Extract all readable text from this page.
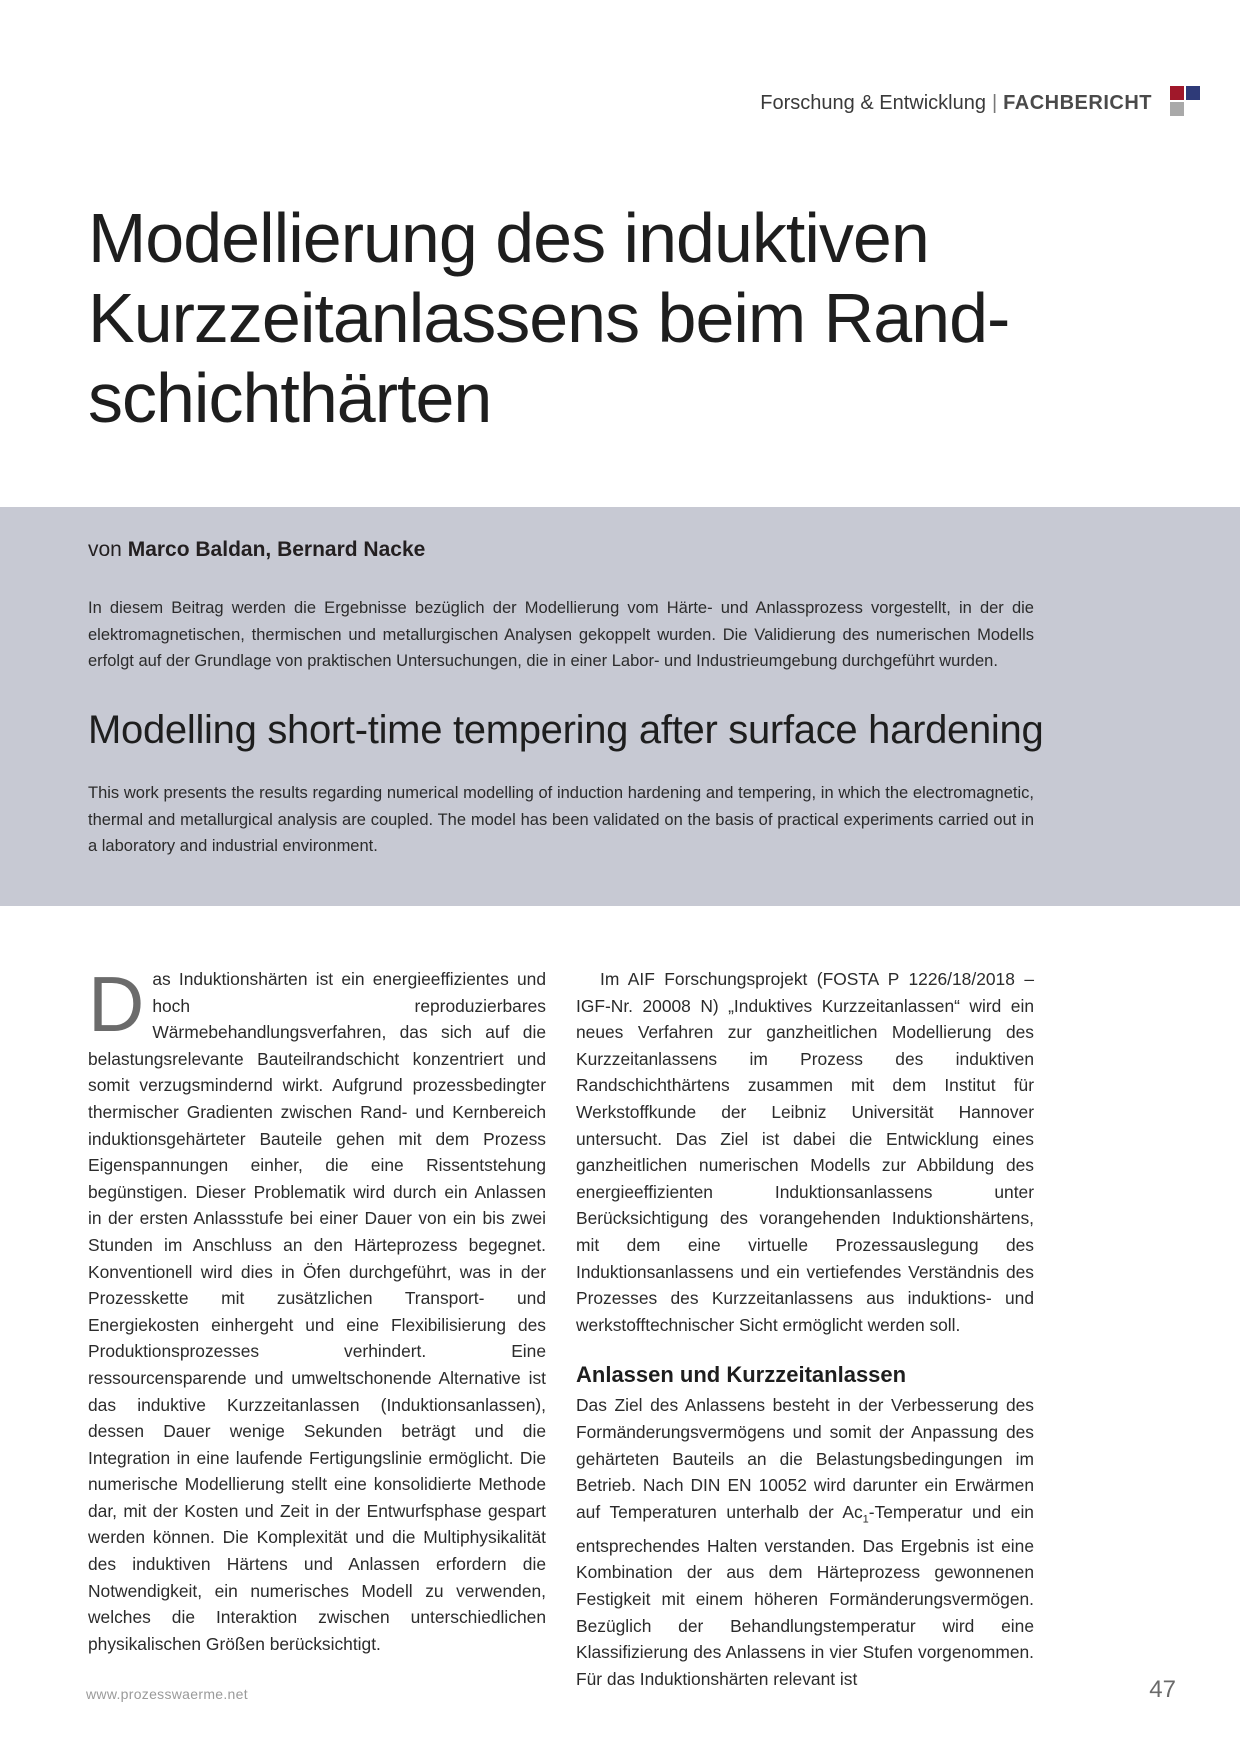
Forschung & Entwicklung | FACHBERICHT
Modellierung des induktiven Kurzzeitanlassens beim Rand-schichthärten
von Marco Baldan, Bernard Nacke

In diesem Beitrag werden die Ergebnisse bezüglich der Modellierung vom Härte- und Anlassprozess vorgestellt, in der die elektromagnetischen, thermischen und metallurgischen Analysen gekoppelt wurden. Die Validierung des numerischen Modells erfolgt auf der Grundlage von praktischen Untersuchungen, die in einer Labor- und Industrieumgebung durchgeführt wurden.

Modelling short-time tempering after surface hardening

This work presents the results regarding numerical modelling of induction hardening and tempering, in which the electromagnetic, thermal and metallurgical analysis are coupled. The model has been validated on the basis of practical experiments carried out in a laboratory and industrial environment.

D as Induktionshärten ist ein energieeffizientes und hoch reproduzierbares Wärmebehandlungsverfahren, das sich auf die belastungsrelevante Bauteilrandschicht konzentriert und somit verzugsmindernd wirkt. Aufgrund prozessbedingter thermischer Gradienten zwischen Rand- und Kernbereich induktionsgehärteter Bauteile gehen mit dem Prozess Eigenspannungen einher, die eine Rissentstehung begünstigen. Dieser Problematik wird durch ein Anlassen in der ersten Anlassstufe bei einer Dauer von ein bis zwei Stunden im Anschluss an den Härteprozess begegnet. Konventionell wird dies in Öfen durchgeführt, was in der Prozesskette mit zusätzlichen Transport- und Energiekosten einhergeht und eine Flexibilisierung des Produktionsprozesses verhindert. Eine ressourcensparende und umweltschonende Alternative ist das induktive Kurzzeitanlassen (Induktionsanlassen), dessen Dauer wenige Sekunden beträgt und die Integration in eine laufende Fertigungslinie ermöglicht. Die numerische Modellierung stellt eine konsolidierte Methode dar, mit der Kosten und Zeit in der Entwurfsphase gespart werden können. Die Komplexität und die Multiphysikalität des induktiven Härtens und Anlassen erfordern die Notwendigkeit, ein numerisches Modell zu verwenden, welches die Interaktion zwischen unterschiedlichen physikalischen Größen berücksichtigt.

Im AIF Forschungsprojekt (FOSTA P 1226/18/2018 – IGF-Nr. 20008 N) „Induktives Kurzzeitanlassen“ wird ein neues Verfahren zur ganzheitlichen Modellierung des Kurzzeitanlassens im Prozess des induktiven Randschichthärtens zusammen mit dem Institut für Werkstoffkunde der Leibniz Universität Hannover untersucht. Das Ziel ist dabei die Entwicklung eines ganzheitlichen numerischen Modells zur Abbildung des energieeffizienten Induktionsanlassens unter Berücksichtigung des vorangehenden Induktionshärtens, mit dem eine virtuelle Prozessauslegung des Induktionsanlassens und ein vertiefendes Verständnis des Prozesses des Kurzzeitanlassens aus induktions- und werkstofftechnischer Sicht ermöglicht werden soll.

Anlassen und Kurzzeitanlassen

Das Ziel des Anlassens besteht in der Verbesserung des Formänderungsvermögens und somit der Anpassung des gehärteten Bauteils an die Belastungsbedingungen im Betrieb. Nach DIN EN 10052 wird darunter ein Erwärmen auf Temperaturen unterhalb der $Ac_1$-Temperatur und ein entsprechendes Halten verstanden. Das Ergebnis ist eine Kombination der aus dem Härteprozess gewonnenen Festigkeit mit einem höheren Formänderungsvermögen. Bezüglich der Behandlungstemperatur wird eine Klassifizierung des Anlassens in vier Stufen vorgenommen. Für das Induktionshärten relevant ist

www.prozesswaerme.net	47
